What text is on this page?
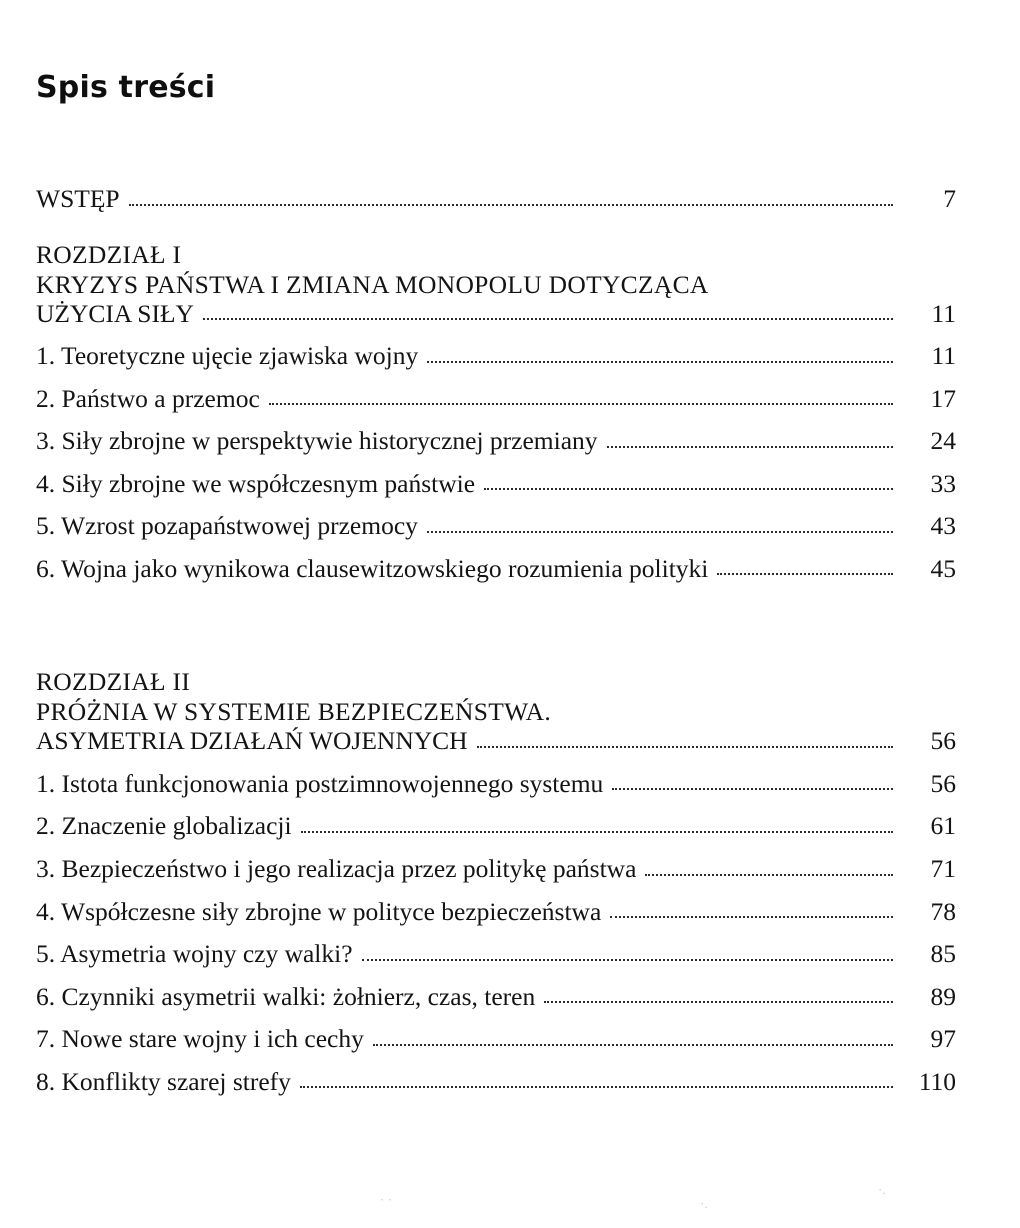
Spis treści
WSTĘP	7
ROZDZIAŁ I
KRYZYS PAŃSTWA I ZMIANA MONOPOLU DOTYCZĄCA
UŻYCIA SIŁY	11
1. Teoretyczne ujęcie zjawiska wojny	11
2. Państwo a przemoc	17
3. Siły zbrojne w perspektywie historycznej przemiany	24
4. Siły zbrojne we współczesnym państwie	33
5. Wzrost pozapaństwowej przemocy	43
6. Wojna jako wynikowa clausewitzowskiego rozumienia polityki	45
ROZDZIAŁ II
PRÓŻNIA W SYSTEMIE BEZPIECZEŃSTWA.
ASYMETRIA DZIAŁAŃ WOJENNYCH	56
1. Istota funkcjonowania postzimnowojennego systemu	56
2. Znaczenie globalizacji	61
3. Bezpieczeństwo i jego realizacja przez politykę państwa	71
4. Współczesne siły zbrojne w polityce bezpieczeństwa	78
5. Asymetria wojny czy walki?	85
6. Czynniki asymetrii walki: żołnierz, czas, teren	89
7. Nowe stare wojny i ich cechy	97
8. Konflikty szarej strefy	110
· ·	·.
·.
